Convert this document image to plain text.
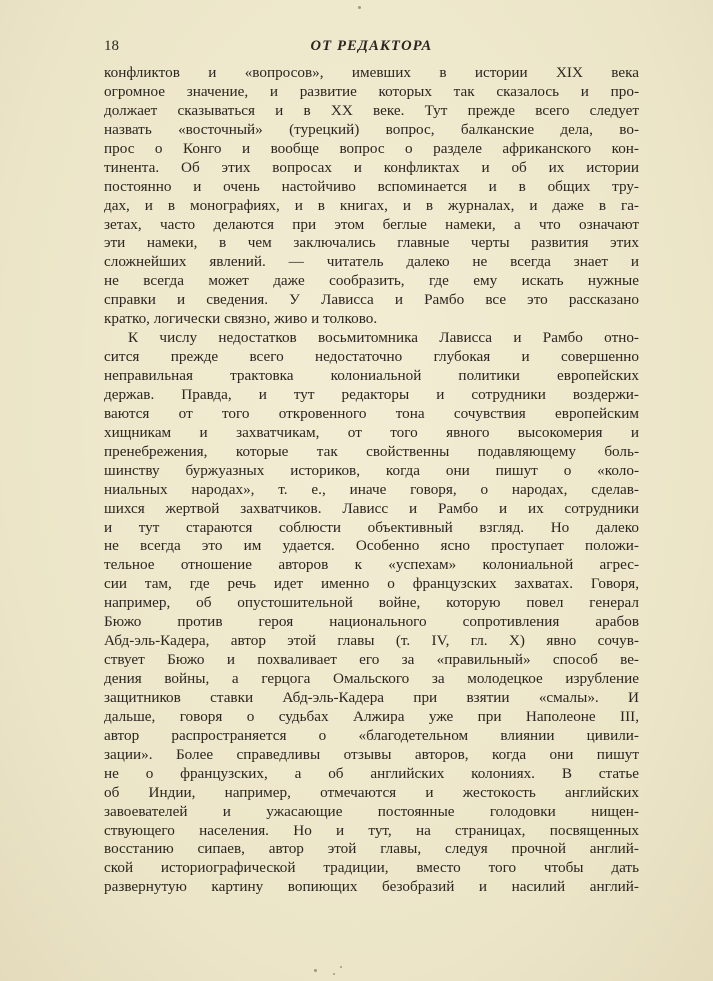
18	ОТ РЕДАКТОРА
конфликтов и «вопросов», имевших в истории XIX века
огромное значение, и развитие которых так сказалось и про-
должает сказываться и в XX веке. Тут прежде всего следует
назвать «восточный» (турецкий) вопрос, балканские дела, во-
прос о Конго и вообще вопрос о разделе африканского кон-
тинента. Об этих вопросах и конфликтах и об их истории
постоянно и очень настойчиво вспоминается и в общих тру-
дах, и в монографиях, и в книгах, и в журналах, и даже в га-
зетах, часто делаются при этом беглые намеки, а что означают
эти намеки, в чем заключались главные черты развития этих
сложнейших явлений. — читатель далеко не всегда знает и
не всегда может даже сообразить, где ему искать нужные
справки и сведения. У Лависса и Рамбо все это рассказано
кратко, логически связно, живо и толково.
К числу недостатков восьмитомника Лависса и Рамбо отно-
сится прежде всего недостаточно глубокая и совершенно
неправильная трактовка колониальной политики европейских
держав. Правда, и тут редакторы и сотрудники воздержи-
ваются от того откровенного тона сочувствия европейским
хищникам и захватчикам, от того явного высокомерия и
пренебрежения, которые так свойственны подавляющему боль-
шинству буржуазных историков, когда они пишут о «коло-
ниальных народах», т. е., иначе говоря, о народах, сделав-
шихся жертвой захватчиков. Лависс и Рамбо и их сотрудники
и тут стараются соблюсти объективный взгляд. Но далеко
не всегда это им удается. Особенно ясно проступает положи-
тельное отношение авторов к «успехам» колониальной агрес-
сии там, где речь идет именно о французских захватах. Говоря,
например, об опустошительной войне, которую повел генерал
Бюжо против героя национального сопротивления арабов
Абд-эль-Кадера, автор этой главы (т. IV, гл. X) явно сочув-
ствует Бюжо и похваливает его за «правильный» способ ве-
дения войны, а герцога Омальского за молодецкое изрубление
защитников ставки Абд-эль-Кадера при взятии «смалы». И
дальше, говоря о судьбах Алжира уже при Наполеоне III,
автор распространяется о «благодетельном влиянии цивили-
зации». Более справедливы отзывы авторов, когда они пишут
не о французских, а об английских колониях. В статье
об Индии, например, отмечаются и жестокость английских
завоевателей и ужасающие постоянные голодовки нищен-
ствующего населения. Но и тут, на страницах, посвященных
восстанию сипаев, автор этой главы, следуя прочной англий-
ской историографической традиции, вместо того чтобы дать
развернутую картину вопиющих безобразий и насилий англий-
